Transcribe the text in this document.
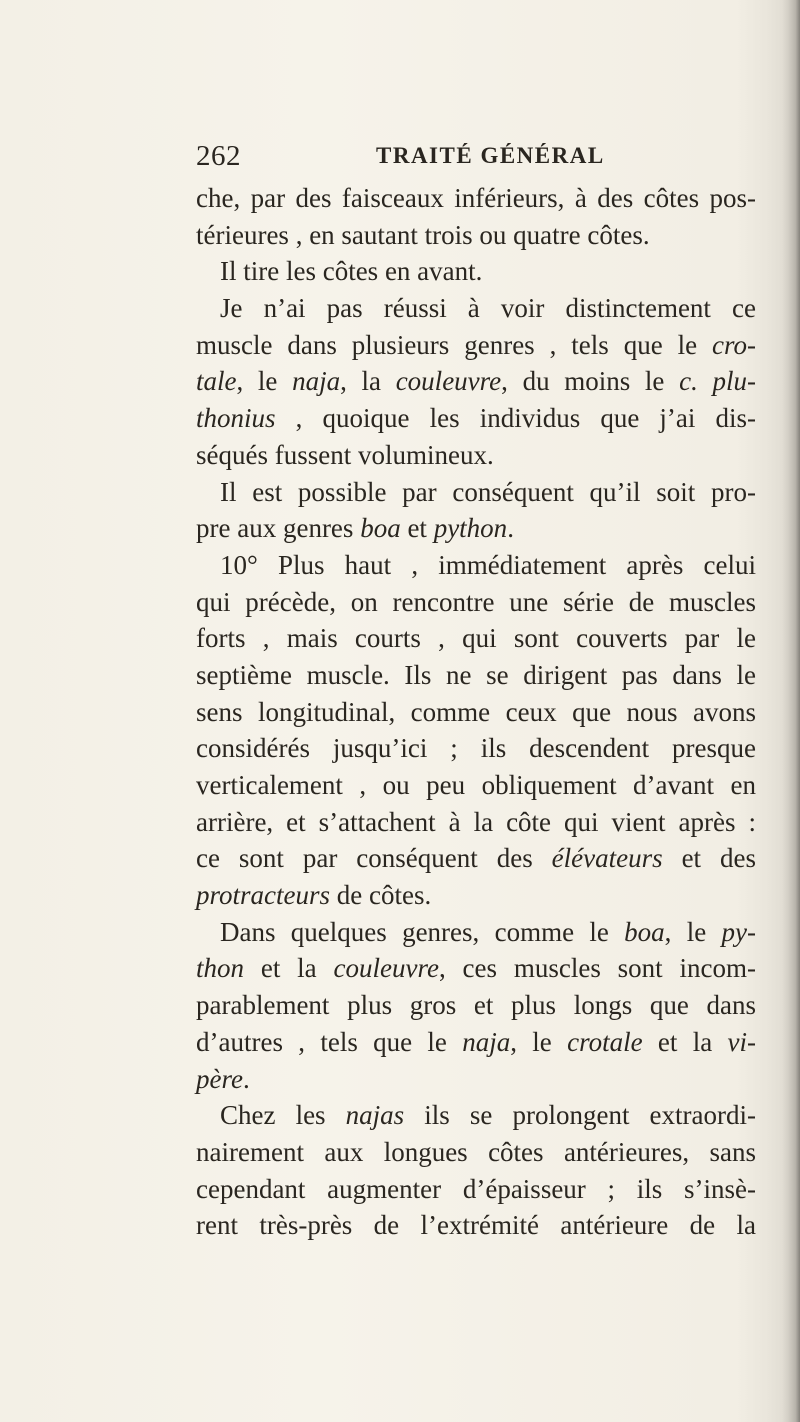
262	TRAITÉ GÉNÉRAL
che, par des faisceaux inférieurs, à des côtes pos-
térieures , en sautant trois ou quatre côtes.
Il tire les côtes en avant.
Je n’ai pas réussi à voir distinctement ce
muscle dans plusieurs genres , tels que le cro-
tale, le naja, la couleuvre, du moins le c. plu-
thonius , quoique les individus que j’ai dis-
séqués fussent volumineux.
Il est possible par conséquent qu’il soit pro-
pre aux genres boa et python.
10° Plus haut , immédiatement après celui
qui précède, on rencontre une série de muscles
forts , mais courts , qui sont couverts par le
septième muscle. Ils ne se dirigent pas dans le
sens longitudinal, comme ceux que nous avons
considérés jusqu’ici ; ils descendent presque
verticalement , ou peu obliquement d’avant en
arrière, et s’attachent à la côte qui vient après :
ce sont par conséquent des élévateurs et des
protracteurs de côtes.
Dans quelques genres, comme le boa, le py-
thon et la couleuvre, ces muscles sont incom-
parablement plus gros et plus longs que dans
d’autres , tels que le naja, le crotale et la vi-
père.
Chez les najas ils se prolongent extraordi-
nairement aux longues côtes antérieures, sans
cependant augmenter d’épaisseur ; ils s’insè-
rent très-près de l’extrémité antérieure de la
